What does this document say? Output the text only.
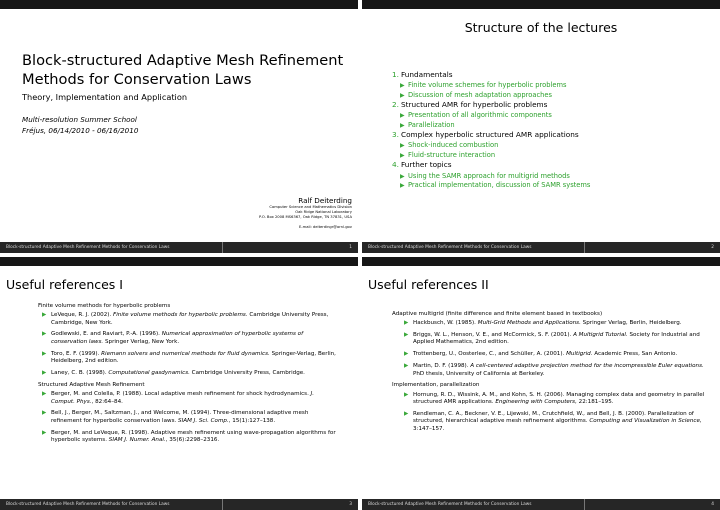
Block-structured Adaptive Mesh Refinement
Methods for Conservation Laws
Theory, Implementation and Application
Multi-resolution Summer School
Fréjus, 06/14/2010 - 06/16/2010
Ralf Deiterding
Computer Science and Mathematics Division
Oak Ridge National Laboratory
P.O. Box 2008 MS6367, Oak Ridge, TN 37831, USA
E-mail: deiterdingr@ornl.gov
Block-structured Adaptive Mesh Refinement Methods for Conservation Laws	1
Structure of the lectures
1. Fundamentals
▶ Finite volume schemes for hyperbolic problems
▶ Discussion of mesh adaptation approaches
2. Structured AMR for hyperbolic problems
▶ Presentation of all algorithmic components
▶ Parallelization
3. Complex hyperbolic structured AMR applications
▶ Shock-induced combustion
▶ Fluid-structure interaction
4. Further topics
▶ Using the SAMR approach for multigrid methods
▶ Practical implementation, discussion of SAMR systems
Block-structured Adaptive Mesh Refinement Methods for Conservation Laws	2
Useful references I
Finite volume methods for hyperbolic problems
▶ LeVeque, R. J. (2002). Finite volume methods for hyperbolic problems. Cambridge University Press, Cambridge, New York.
▶ Godlewski, E. and Raviart, P.-A. (1996). Numerical approximation of hyperbolic systems of conservation laws. Springer Verlag, New York.
▶ Toro, E. F. (1999). Riemann solvers and numerical methods for fluid dynamics. Springer-Verlag, Berlin, Heidelberg, 2nd edition.
▶ Laney, C. B. (1998). Computational gasdynamics. Cambridge University Press, Cambridge.
Structured Adaptive Mesh Refinement
▶ Berger, M. and Colella, P. (1988). Local adaptive mesh refinement for shock hydrodynamics. J. Comput. Phys., 82:64–84.
▶ Bell, J., Berger, M., Saltzman, J., and Welcome, M. (1994). Three-dimensional adaptive mesh refinement for hyperbolic conservation laws. SIAM J. Sci. Comp., 15(1):127–138.
▶ Berger, M. and LeVeque, R. (1998). Adaptive mesh refinement using wave-propagation algorithms for hyperbolic systems. SIAM J. Numer. Anal., 35(6):2298–2316.
Block-structured Adaptive Mesh Refinement Methods for Conservation Laws	3
Useful references II
Adaptive multigrid (finite difference and finite element based in textbooks)
▶ Hackbusch, W. (1985). Multi-Grid Methods and Applications. Springer Verlag, Berlin, Heidelberg.
▶ Briggs, W. L., Henson, V. E., and McCormick, S. F. (2001). A Multigrid Tutorial. Society for Industrial and Applied Mathematics, 2nd edition.
▶ Trottenberg, U., Oosterlee, C., and Schüller, A. (2001). Multigrid. Academic Press, San Antonio.
▶ Martin, D. F. (1998). A cell-centered adaptive projection method for the incompressible Euler equations. PhD thesis, University of California at Berkeley.
Implementation, parallelization
▶ Hornung, R. D., Wissink, A. M., and Kohn, S. H. (2006). Managing complex data and geometry in parallel structured AMR applications. Engineering with Computers, 22:181–195.
▶ Rendleman, C. A., Beckner, V. E., Lijewski, M., Crutchfield, W., and Bell, J. B. (2000). Parallelization of structured, hierarchical adaptive mesh refinement algorithms. Computing and Visualization in Science, 3:147–157.
Block-structured Adaptive Mesh Refinement Methods for Conservation Laws	4
